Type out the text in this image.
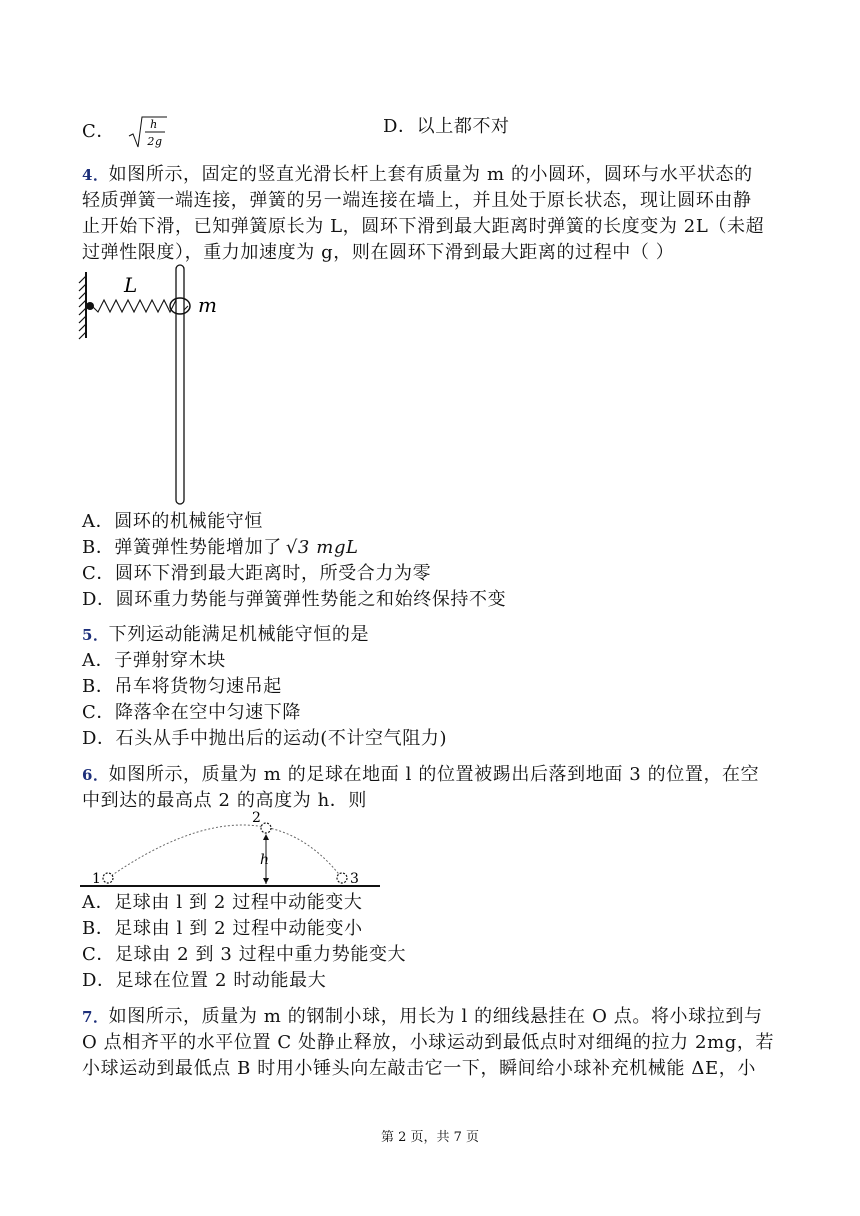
C．	h
2g
D．以上都不对
4．如图所示，固定的竖直光滑长杆上套有质量为 m 的小圆环，圆环与水平状态的
轻质弹簧一端连接，弹簧的另一端连接在墙上，并且处于原长状态，现让圆环由静
止开始下滑，已知弹簧原长为 L，圆环下滑到最大距离时弹簧的长度变为 2L（未超
过弹性限度），重力加速度为 g，则在圆环下滑到最大距离的过程中（ ）
L
m
A．圆环的机械能守恒
B．弹簧弹性势能增加了 √3 mgL
C．圆环下滑到最大距离时，所受合力为零
D．圆环重力势能与弹簧弹性势能之和始终保持不变
5．下列运动能满足机械能守恒的是
A．子弹射穿木块
B．吊车将货物匀速吊起
C．降落伞在空中匀速下降
D．石头从手中抛出后的运动(不计空气阻力)
6．如图所示，质量为 m 的足球在地面 l 的位置被踢出后落到地面 3 的位置，在空
中到达的最高点 2 的高度为 h．则
1
2
3
h
A．足球由 l 到 2 过程中动能变大
B．足球由 l 到 2 过程中动能变小
C．足球由 2 到 3 过程中重力势能变大
D．足球在位置 2 时动能最大
7．如图所示，质量为 m 的钢制小球，用长为 l 的细线悬挂在 O 点。将小球拉到与
O 点相齐平的水平位置 C 处静止释放，小球运动到最低点时对细绳的拉力 2mg，若
小球运动到最低点 B 时用小锤头向左敲击它一下，瞬间给小球补充机械能 ΔE，小
第 2 页，共 7 页
